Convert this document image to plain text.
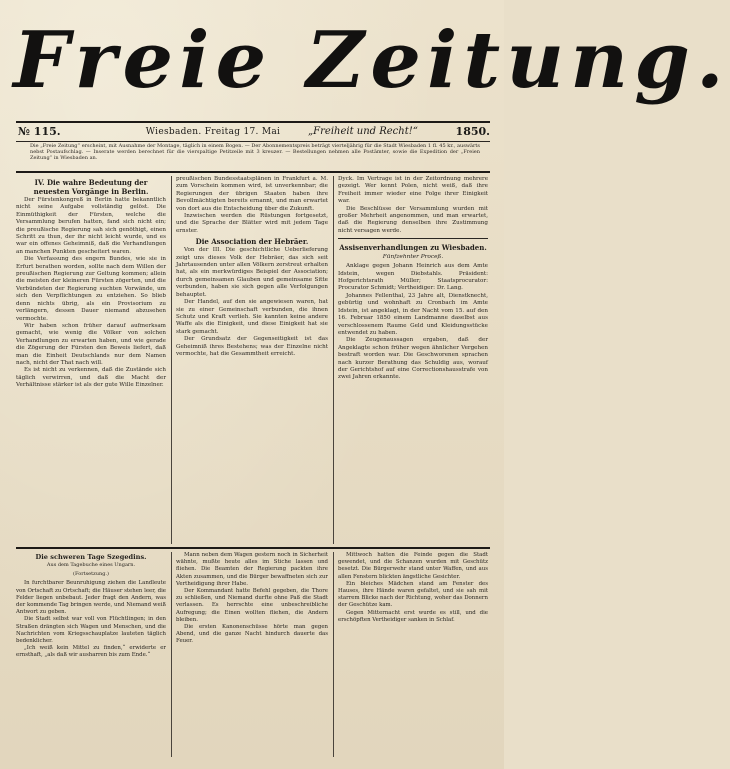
Freie Zeitung.
№ 115.	Wiesbaden. Freitag 17. Mai	„Freiheit und Recht!“	1850.
Die „Freie Zeitung“ erscheint, mit Ausnahme der Montage, täglich in einem Bogen. — Der Abonnementspreis beträgt vierteljährig für die Stadt Wiesbaden 1 fl. 45 kr., auswärts nebst Postaufschlag. — Inserate werden berechnet für die vierspaltige Petitzeile mit 3 kreuzer. — Bestellungen nehmen alle Postämter, sowie die Expedition der „Freien Zeitung“ in Wiesbaden an.

IV. Die wahre Bedeutung der neuesten Vorgänge in Berlin.

Der Fürstenkongreß in Berlin hatte bekanntlich nicht seine Aufgabe vollständig gelöst. Die Einmüthigkeit der Fürsten, welche die Versammlung berufen hatten, fand sich nicht ein; die preußische Regierung sah sich genöthigt, einen Schritt zu thun, der ihr nicht leicht wurde, und es war ein offenes Geheimniß, daß die Verhandlungen an manchen Punkten gescheitert waren.

Die Verfassung des engern Bundes, wie sie in Erfurt berathen worden, sollte nach dem Willen der preußischen Regierung zur Geltung kommen; allein die meisten der kleineren Fürsten zögerten, und die Verbündeten der Regierung suchten Vorwände, um sich den Verpflichtungen zu entziehen. So blieb denn nichts übrig, als ein Provisorium zu verlängern, dessen Dauer niemand abzusehen vermochte.

Wir haben schon früher darauf aufmerksam gemacht, wie wenig die Völker von solchen Verhandlungen zu erwarten haben, und wie gerade die Zögerung der Fürsten den Beweis liefert, daß man die Einheit Deutschlands nur dem Namen nach, nicht der That nach will.

Es ist nicht zu verkennen, daß die Zustände sich täglich verwirren, und daß die Macht der Verhältnisse stärker ist als der gute Wille Einzelner.

preußischen Bundesstaatsplänen in Frankfurt a. M. zum Vorschein kommen wird, ist unverkennbar; die Regierungen der übrigen Staaten haben ihre Bevollmächtigten bereits ernannt, und man erwartet von dort aus die Entscheidung über die Zukunft.

Inzwischen werden die Rüstungen fortgesetzt, und die Sprache der Blätter wird mit jedem Tage ernster.

Die Association der Hebräer.

Von der III. Die geschichtliche Ueberlieferung zeigt uns dieses Volk der Hebräer, das sich seit Jahrtausenden unter allen Völkern zerstreut erhalten hat, als ein merkwürdiges Beispiel der Association; durch gemeinsamen Glauben und gemeinsame Sitte verbunden, haben sie sich gegen alle Verfolgungen behauptet.

Der Handel, auf den sie angewiesen waren, hat sie zu einer Gemeinschaft verbunden, die ihnen Schutz und Kraft verlieh. Sie kannten keine andere Waffe als die Einigkeit, und diese Einigkeit hat sie stark gemacht.

Der Grundsatz der Gegenseitigkeit ist das Geheimniß ihres Bestehens; was der Einzelne nicht vermochte, hat die Gesammtheit erreicht.

Dyck. Im Vertrage ist in der Zeitordnung mehrere gezeigt. Wer kennt Polen, nicht weiß, daß ihre Freiheit immer wieder eine Folge ihrer Einigkeit war.

Die Beschlüsse der Versammlung wurden mit großer Mehrheit angenommen, und man erwartet, daß die Regierung denselben ihre Zustimmung nicht versagen werde.

Assisenverhandlungen zu Wiesbaden.

Fünfzehnter Proceß.

Anklage gegen Johann Heinrich aus dem Amte Idstein, wegen Diebstahls. Präsident: Hofgerichtsrath Müller; Staatsprocurator: Procurator Schmidt; Vertheidiger: Dr. Lang.

Johannes Fellenthal, 23 Jahre alt, Dienstknecht, gebürtig und wohnhaft zu Cronbach im Amte Idstein, ist angeklagt, in der Nacht vom 15. auf den 16. Februar 1850 einem Landmanne daselbst aus verschlossenem Raume Geld und Kleidungsstücke entwendet zu haben.

Die Zeugenaussagen ergaben, daß der Angeklagte schon früher wegen ähnlicher Vergehen bestraft worden war. Die Geschworenen sprachen nach kurzer Berathung das Schuldig aus, worauf der Gerichtshof auf eine Correctionshausstrafe von zwei Jahren erkannte.

Die schweren Tage Szegedins.

Aus dem Tagebuche eines Ungarn.

(Fortsetzung.)

In furchtbarer Beunruhigung ziehen die Landleute von Ortschaft zu Ortschaft; die Häuser stehen leer, die Felder liegen unbebaut. Jeder fragt den Andern, was der kommende Tag bringen werde, und Niemand weiß Antwort zu geben.

Die Stadt selbst war voll von Flüchtlingen; in den Straßen drängten sich Wagen und Menschen, und die Nachrichten vom Kriegsschauplatze lauteten täglich bedenklicher.

„Ich weiß kein Mittel zu finden,“ erwiderte er ernsthaft, „als daß wir ausharren bis zum Ende.“

Mann neben dem Wagen gestern noch in Sicherheit wähnte, mußte heute alles im Stiche lassen und fliehen. Die Beamten der Regierung packten ihre Akten zusammen, und die Bürger bewaffneten sich zur Vertheidigung ihrer Habe.

Der Kommandant hatte Befehl gegeben, die Thore zu schließen, und Niemand durfte ohne Paß die Stadt verlassen. Es herrschte eine unbeschreibliche Aufregung; die Einen wollten fliehen, die Andern bleiben.

Die ersten Kanonenschüsse hörte man gegen Abend, und die ganze Nacht hindurch dauerte das Feuer.

Mittwoch hatten die Feinde gegen die Stadt gewendet, und die Schanzen wurden mit Geschütz besetzt. Die Bürgerwehr stand unter Waffen, und aus allen Fenstern blickten ängstliche Gesichter.

Ein bleiches Mädchen stand am Fenster des Hauses, ihre Hände waren gefaltet, und sie sah mit starrem Blicke nach der Richtung, woher das Donnern der Geschütze kam.

Gegen Mitternacht erst wurde es still, und die erschöpften Vertheidiger sanken in Schlaf.
